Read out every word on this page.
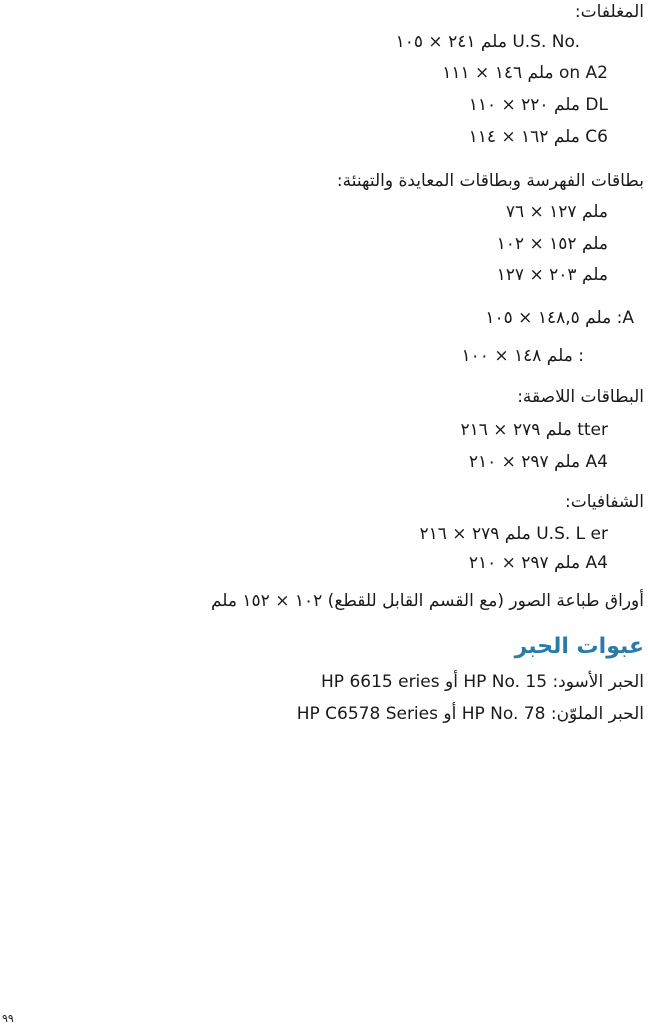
:المغلفات
ملم ٢٤١ × ١٠٥ U.S. No.
ملم ١٤٦ × ١١١ on A2
ملم ٢٢٠ × ١١٠ DL
ملم ١٦٢ × ١١٤ C6
:بطاقات الفهرسة وبطاقات المعايدة والتهنئة
ملم ١٢٧ × ٧٦
ملم ١٥٢ × ١٠٢
ملم ٢٠٣ × ١٢٧
ملم ١٤٨,٥ × ١٠٥ :A
ملم ١٤٨ × ١٠٠ :
:البطاقات اللاصقة
ملم ٢٧٩ × ٢١٦ tter
ملم ٢٩٧ × ٢١٠ A4
:الشفافيات
ملم ٢٧٩ × ٢١٦ U.S. L er
ملم ٢٩٧ × ٢١٠ A4
أوراق طباعة الصور (مع القسم القابل للقطع) ١٠٢ × ١٥٢ ملم
عبوات الحبر
الحبر الأسود: HP No. 15 أو HP 6615 eries
الحبر الملوّن: HP No. 78 أو HP C6578 Series
٩٩
